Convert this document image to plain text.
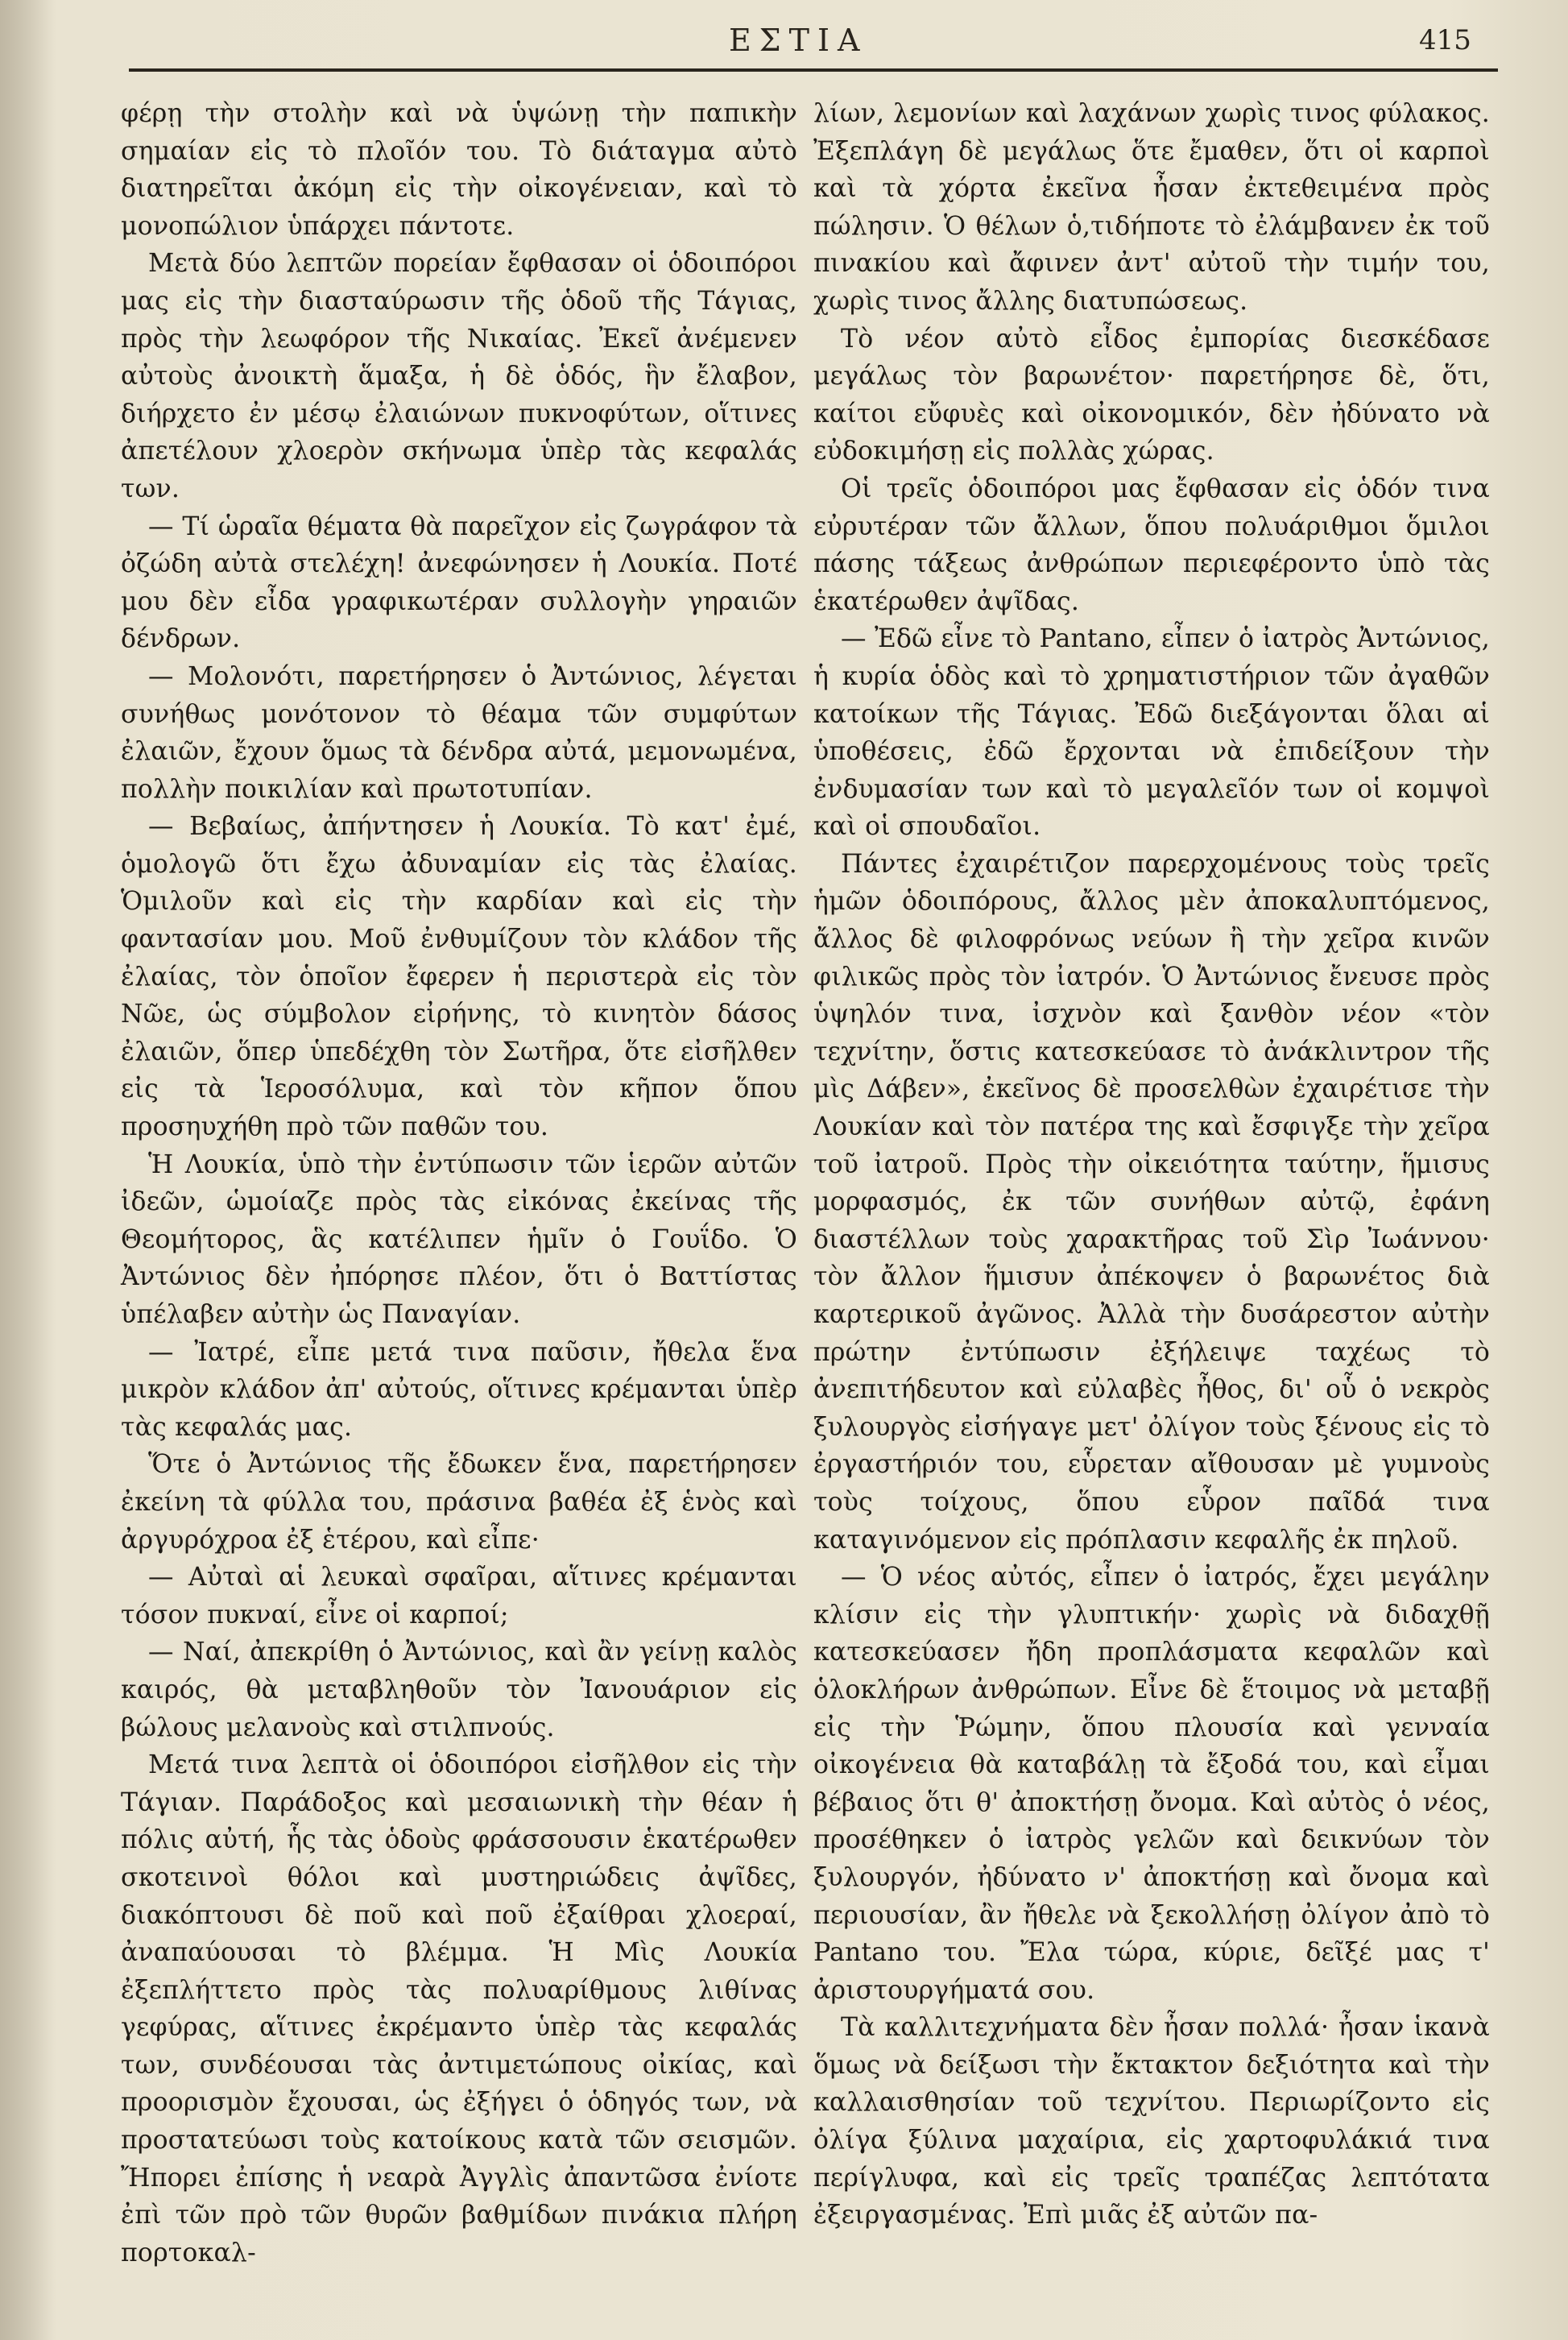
ΕΣΤΙΑ	415

φέρῃ τὴν στολὴν καὶ νὰ ὑψώνῃ τὴν παπικὴν σημαίαν εἰς τὸ πλοῖόν του. Τὸ διάταγμα αὐτὸ διατηρεῖται ἀκόμη εἰς τὴν οἰκογένειαν, καὶ τὸ μονοπώλιον ὑπάρχει πάντοτε.

Μετὰ δύο λεπτῶν πορείαν ἔφθασαν οἱ ὁδοιπόροι μας εἰς τὴν διασταύρωσιν τῆς ὁδοῦ τῆς Τάγιας, πρὸς τὴν λεωφόρον τῆς Νικαίας. Ἐκεῖ ἀνέμενεν αὐτοὺς ἀνοικτὴ ἅμαξα, ἡ δὲ ὁδός, ἣν ἔλαβον, διήρχετο ἐν μέσῳ ἐλαιώνων πυκνοφύτων, οἵτινες ἀπετέλουν χλοερὸν σκήνωμα ὑπὲρ τὰς κεφαλάς των.

— Τί ὡραῖα θέματα θὰ παρεῖχον εἰς ζωγράφον τὰ ὀζώδη αὐτὰ στελέχη! ἀνεφώνησεν ἡ Λουκία. Ποτέ μου δὲν εἶδα γραφικωτέραν συλλογὴν γηραιῶν δένδρων.

— Μολονότι, παρετήρησεν ὁ Ἀντώνιος, λέγεται συνήθως μονότονον τὸ θέαμα τῶν συμφύτων ἐλαιῶν, ἔχουν ὅμως τὰ δένδρα αὐτά, μεμονωμένα, πολλὴν ποικιλίαν καὶ πρωτοτυπίαν.

— Βεβαίως, ἀπήντησεν ἡ Λουκία. Τὸ κατ' ἐμέ, ὁμολογῶ ὅτι ἔχω ἀδυναμίαν εἰς τὰς ἐλαίας. Ὁμιλοῦν καὶ εἰς τὴν καρδίαν καὶ εἰς τὴν φαντασίαν μου. Μοῦ ἐνθυμίζουν τὸν κλάδον τῆς ἐλαίας, τὸν ὁποῖον ἔφερεν ἡ περιστερὰ εἰς τὸν Νῶε, ὡς σύμβολον εἰρήνης, τὸ κινητὸν δάσος ἐλαιῶν, ὅπερ ὑπεδέχθη τὸν Σωτῆρα, ὅτε εἰσῆλθεν εἰς τὰ Ἱεροσόλυμα, καὶ τὸν κῆπον ὅπου προσηυχήθη πρὸ τῶν παθῶν του.

Ἡ Λουκία, ὑπὸ τὴν ἐντύπωσιν τῶν ἱερῶν αὐτῶν ἰδεῶν, ὡμοίαζε πρὸς τὰς εἰκόνας ἐκείνας τῆς Θεομήτορος, ἃς κατέλιπεν ἡμῖν ὁ Γουΐδο. Ὁ Ἀντώνιος δὲν ἠπόρησε πλέον, ὅτι ὁ Βαττίστας ὑπέλαβεν αὐτὴν ὡς Παναγίαν.

— Ἰατρέ, εἶπε μετά τινα παῦσιν, ἤθελα ἕνα μικρὸν κλάδον ἀπ' αὐτούς, οἵτινες κρέμανται ὑπὲρ τὰς κεφαλάς μας.

Ὅτε ὁ Ἀντώνιος τῆς ἔδωκεν ἕνα, παρετήρησεν ἐκείνη τὰ φύλλα του, πράσινα βαθέα ἐξ ἑνὸς καὶ ἀργυρόχροα ἐξ ἑτέρου, καὶ εἶπε·

— Αὐταὶ αἱ λευκαὶ σφαῖραι, αἵτινες κρέμανται τόσον πυκναί, εἶνε οἱ καρποί;

— Ναί, ἀπεκρίθη ὁ Ἀντώνιος, καὶ ἂν γείνῃ καλὸς καιρός, θὰ μεταβληθοῦν τὸν Ἰανουάριον εἰς βώλους μελανοὺς καὶ στιλπνούς.

Μετά τινα λεπτὰ οἱ ὁδοιπόροι εἰσῆλθον εἰς τὴν Τάγιαν. Παράδοξος καὶ μεσαιωνικὴ τὴν θέαν ἡ πόλις αὐτή, ἧς τὰς ὁδοὺς φράσσουσιν ἑκατέρωθεν σκοτεινοὶ θόλοι καὶ μυστηριώδεις ἀψῖδες, διακόπτουσι δὲ ποῦ καὶ ποῦ ἐξαίθραι χλοεραί, ἀναπαύουσαι τὸ βλέμμα. Ἡ Μὶς Λουκία ἐξεπλήττετο πρὸς τὰς πολυαρίθμους λιθίνας γεφύρας, αἵτινες ἐκρέμαντο ὑπὲρ τὰς κεφαλάς των, συνδέουσαι τὰς ἀντιμετώπους οἰκίας, καὶ προορισμὸν ἔχουσαι, ὡς ἐξήγει ὁ ὁδηγός των, νὰ προστατεύωσι τοὺς κατοίκους κατὰ τῶν σεισμῶν. Ἤπορει ἐπίσης ἡ νεαρὰ Ἀγγλὶς ἀπαντῶσα ἐνίοτε ἐπὶ τῶν πρὸ τῶν θυρῶν βαθμίδων πινάκια πλήρη πορτοκαλ-

λίων, λεμονίων καὶ λαχάνων χωρὶς τινος φύλακος. Ἐξεπλάγη δὲ μεγάλως ὅτε ἔμαθεν, ὅτι οἱ καρποὶ καὶ τὰ χόρτα ἐκεῖνα ἦσαν ἐκτεθειμένα πρὸς πώλησιν. Ὁ θέλων ὁ,τιδήποτε τὸ ἐλάμβανεν ἐκ τοῦ πινακίου καὶ ἄφινεν ἀντ' αὐτοῦ τὴν τιμήν του, χωρὶς τινος ἄλλης διατυπώσεως.

Τὸ νέον αὐτὸ εἶδος ἐμπορίας διεσκέδασε μεγάλως τὸν βαρωνέτον· παρετήρησε δὲ, ὅτι, καίτοι εὔφυὲς καὶ οἰκονομικόν, δὲν ἠδύνατο νὰ εὐδοκιμήσῃ εἰς πολλὰς χώρας.

Οἱ τρεῖς ὁδοιπόροι μας ἔφθασαν εἰς ὁδόν τινα εὐρυτέραν τῶν ἄλλων, ὅπου πολυάριθμοι ὅμιλοι πάσης τάξεως ἀνθρώπων περιεφέροντο ὑπὸ τὰς ἑκατέρωθεν ἀψῖδας.

— Ἐδῶ εἶνε τὸ Pantano, εἶπεν ὁ ἰατρὸς Ἀντώνιος, ἡ κυρία ὁδὸς καὶ τὸ χρηματιστήριον τῶν ἀγαθῶν κατοίκων τῆς Τάγιας. Ἐδῶ διεξάγονται ὅλαι αἱ ὑποθέσεις, ἐδῶ ἔρχονται νὰ ἐπιδείξουν τὴν ἐνδυμασίαν των καὶ τὸ μεγαλεῖόν των οἱ κομψοὶ καὶ οἱ σπουδαῖοι.

Πάντες ἐχαιρέτιζον παρερχομένους τοὺς τρεῖς ἡμῶν ὁδοιπόρους, ἄλλος μὲν ἀποκαλυπτόμενος, ἄλλος δὲ φιλοφρόνως νεύων ἢ τὴν χεῖρα κινῶν φιλικῶς πρὸς τὸν ἰατρόν. Ὁ Ἀντώνιος ἔνευσε πρὸς ὑψηλόν τινα, ἰσχνὸν καὶ ξανθὸν νέον «τὸν τεχνίτην, ὅστις κατεσκεύασε τὸ ἀνάκλιντρον τῆς μὶς Δάβεν», ἐκεῖνος δὲ προσελθὼν ἐχαιρέτισε τὴν Λουκίαν καὶ τὸν πατέρα της καὶ ἔσφιγξε τὴν χεῖρα τοῦ ἰατροῦ. Πρὸς τὴν οἰκειότητα ταύτην, ἥμισυς μορφασμός, ἐκ τῶν συνήθων αὐτῷ, ἐφάνη διαστέλλων τοὺς χαρακτῆρας τοῦ Σὶρ Ἰωάννου· τὸν ἄλλον ἥμισυν ἀπέκοψεν ὁ βαρωνέτος διὰ καρτερικοῦ ἀγῶνος. Ἀλλὰ τὴν δυσάρεστον αὐτὴν πρώτην ἐντύπωσιν ἐξήλειψε ταχέως τὸ ἀνεπιτήδευτον καὶ εὐλαβὲς ἦθος, δι' οὗ ὁ νεκρὸς ξυλουργὸς εἰσήγαγε μετ' ὀλίγον τοὺς ξένους εἰς τὸ ἐργαστήριόν του, εὗρεταν αἴθουσαν μὲ γυμνοὺς τοὺς τοίχους, ὅπου εὗρον παῖδά τινα καταγινόμενον εἰς πρόπλασιν κεφαλῆς ἐκ πηλοῦ.

— Ὁ νέος αὐτός, εἶπεν ὁ ἰατρός, ἔχει μεγάλην κλίσιν εἰς τὴν γλυπτικήν· χωρὶς νὰ διδαχθῇ κατεσκεύασεν ἤδη προπλάσματα κεφαλῶν καὶ ὁλοκλήρων ἀνθρώπων. Εἶνε δὲ ἕτοιμος νὰ μεταβῇ εἰς τὴν Ῥώμην, ὅπου πλουσία καὶ γενναία οἰκογένεια θὰ καταβάλῃ τὰ ἔξοδά του, καὶ εἶμαι βέβαιος ὅτι θ' ἀποκτήσῃ ὄνομα. Καὶ αὐτὸς ὁ νέος, προσέθηκεν ὁ ἰατρὸς γελῶν καὶ δεικνύων τὸν ξυλουργόν, ἠδύνατο ν' ἀποκτήσῃ καὶ ὄνομα καὶ περιουσίαν, ἂν ἤθελε νὰ ξεκολλήσῃ ὀλίγον ἀπὸ τὸ Pantano του. Ἔλα τώρα, κύριε, δεῖξέ μας τ' ἀριστουργήματά σου.

Τὰ καλλιτεχνήματα δὲν ἦσαν πολλά· ἦσαν ἱκανὰ ὅμως νὰ δείξωσι τὴν ἔκτακτον δεξιότητα καὶ τὴν καλλαισθησίαν τοῦ τεχνίτου. Περιωρίζοντο εἰς ὀλίγα ξύλινα μαχαίρια, εἰς χαρτοφυλάκιά τινα περίγλυφα, καὶ εἰς τρεῖς τραπέζας λεπτότατα ἐξειργασμένας. Ἐπὶ μιᾶς ἐξ αὐτῶν πα-
